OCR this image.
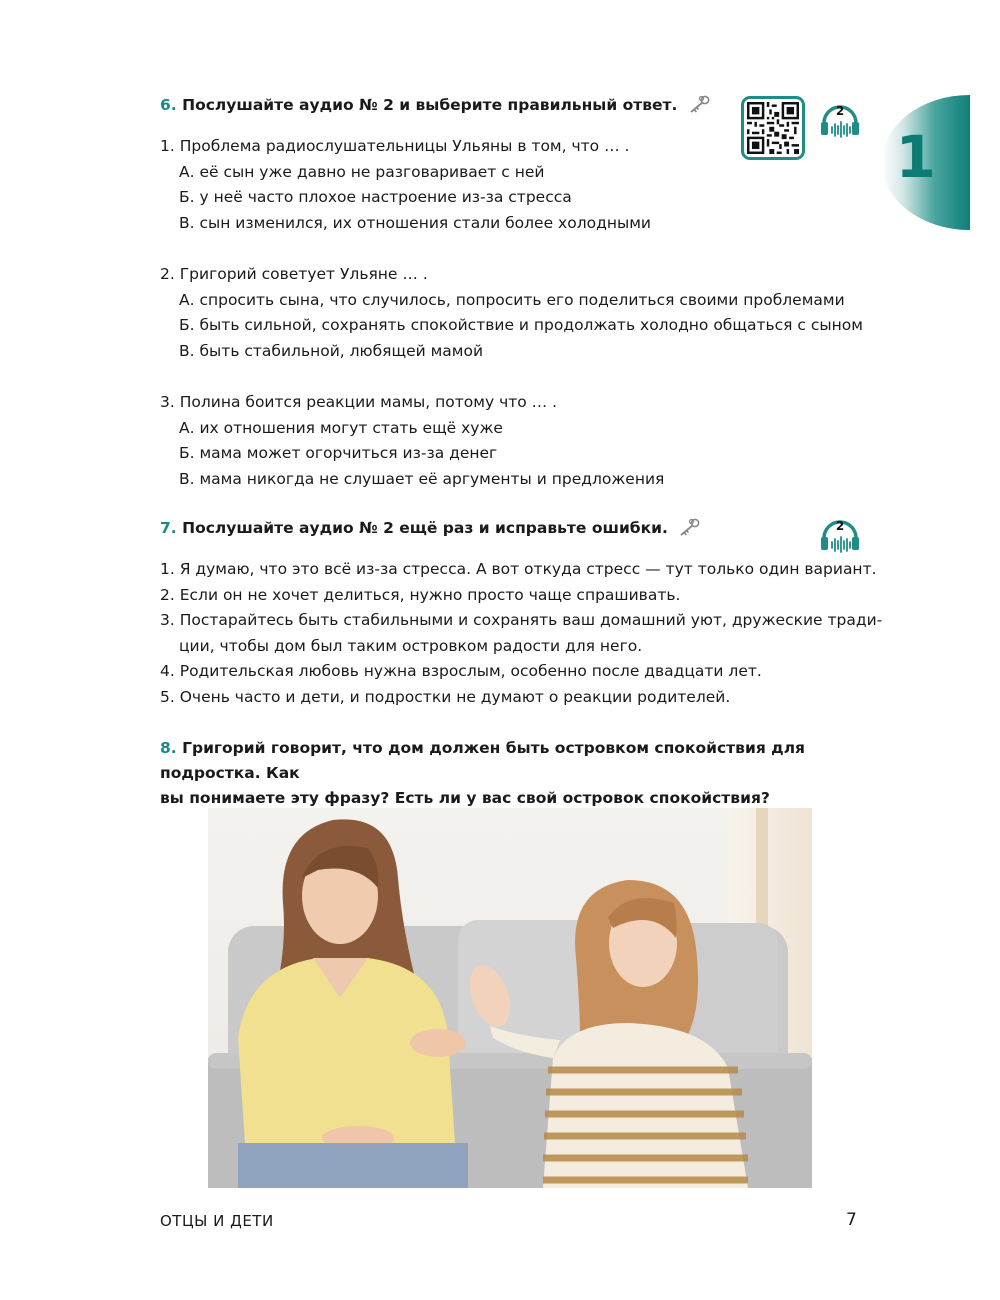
1
2
6. Послушайте аудио № 2 и выберите правильный ответ.
1. Проблема радиослушательницы Ульяны в том, что … .
А. её сын уже давно не разговаривает с ней
Б. у неё часто плохое настроение из-за стресса
В. сын изменился, их отношения стали более холодными
2. Григорий советует Ульяне … .
А. спросить сына, что случилось, попросить его поделиться своими проблемами
Б. быть сильной, сохранять спокойствие и продолжать холодно общаться с сыном
В. быть стабильной, любящей мамой
3. Полина боится реакции мамы, потому что … .
А. их отношения могут стать ещё хуже
Б. мама может огорчиться из-за денег
В. мама никогда не слушает её аргументы и предложения
2
7. Послушайте аудио № 2 ещё раз и исправьте ошибки.
1. Я думаю, что это всё из-за стресса. А вот откуда стресс — тут только один вариант.
2. Если он не хочет делиться, нужно просто чаще спрашивать.
3. Постарайтесь быть стабильными и сохранять ваш домашний уют, дружеские тради-
ции, чтобы дом был таким островком радости для него.
4. Родительская любовь нужна взрослым, особенно после двадцати лет.
5. Очень часто и дети, и подростки не думают о реакции родителей.
8. Григорий говорит, что дом должен быть островком спокойствия для подростка. Как
вы понимаете эту фразу? Есть ли у вас свой островок спокойствия?
ОТЦЫ И ДЕТИ	7
